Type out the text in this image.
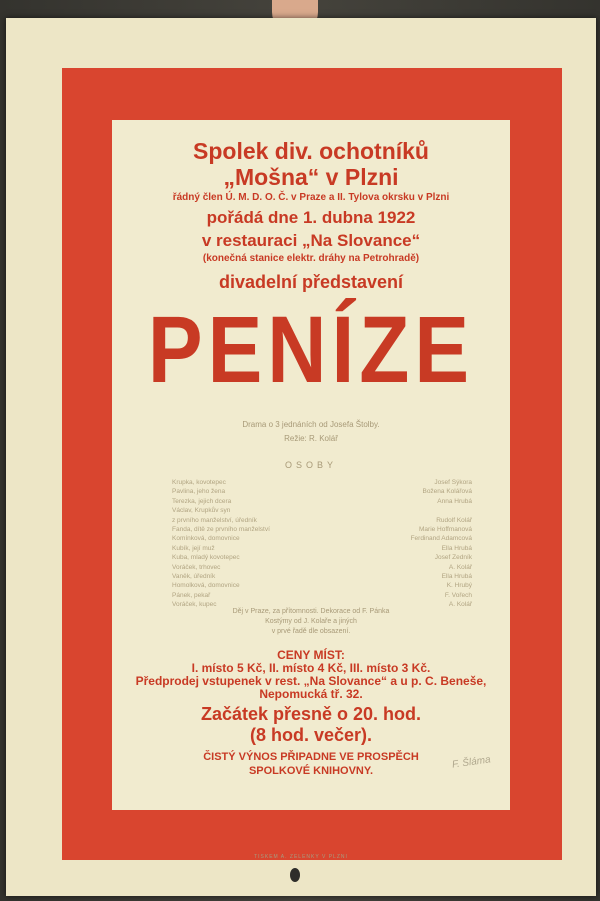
Spolek div. ochotníků
„Mošna“ v Plzni
řádný člen Ú. M. D. O. Č. v Praze a II. Tylova okrsku v Plzni
pořádá dne 1. dubna 1922
v restauraci „Na Slovance“
(konečná stanice elektr. dráhy na Petrohradě)
divadelní představení
PENÍZE
Drama o 3 jednáních od Josefa Štolby.
Režie: R. Kolář
OSOBY
Krupka, kovotepec	Josef Sýkora
Pavlina, jeho žena	Božena Kolářová
Terezka, jejich dcera	Anna Hrubá
Václav, Krupkův syn
z prvního manželství, úředník	Rudolf Kolář
Fanda, dítě ze prvního manželství	Marie Hoffmanová
Komínková, domovnice	Ferdinand Adamcová
Kubík, její muž	Ella Hrubá
Kuba, mladý kovotepec	Josef Zedník
Voráček, trhovec	A. Kolář
Vaněk, úředník	Ella Hrubá
Homolková, domovnice	K. Hrubý
Pánek, pekař	F. Vořech
Voráček, kupec	A. Kolář
Děj v Praze, za přítomnosti. Dekorace od F. Pánka
Kostýmy od J. Kolaře a jiných
v prvé řadě dle obsazení.
CENY MÍST:
I. místo 5 Kč, II. místo 4 Kč, III. místo 3 Kč.
Předprodej vstupenek v rest. „Na Slovance“ a u p. C. Beneše,
Nepomucká tř. 32.
Začátek přesně o 20. hod.
(8 hod. večer).
ČISTÝ VÝNOS PŘIPADNE VE PROSPĚCH
SPOLKOVÉ KNIHOVNY.
TISKEM A. ZELENKY V PLZNI
F. Šláma
